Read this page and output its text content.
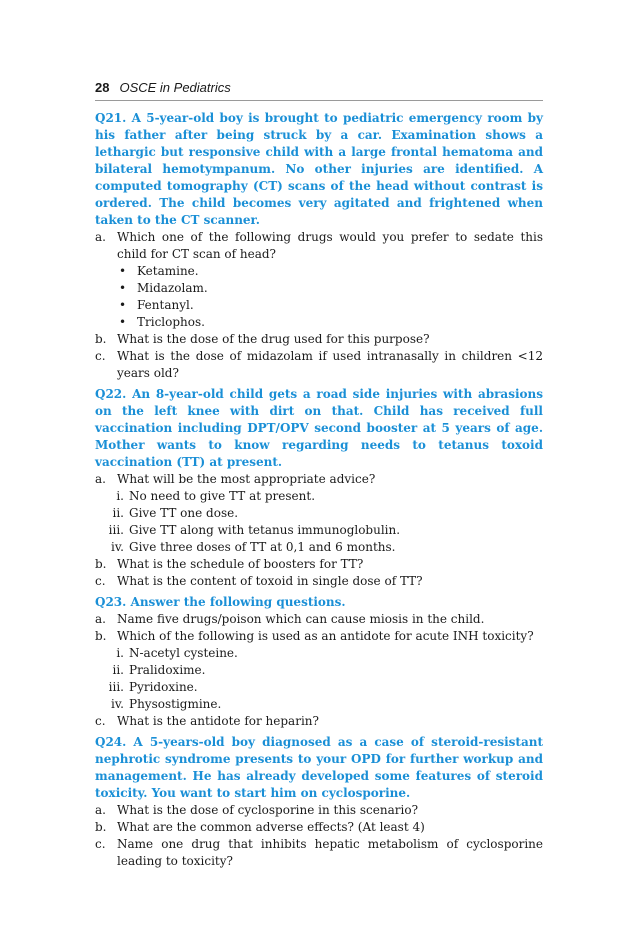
28 OSCE in Pediatrics

Q21. A 5-year-old boy is brought to pediatric emergency room by his father after being struck by a car. Examination shows a lethargic but responsive child with a large frontal hematoma and bilateral hemotympanum. No other injuries are identified. A computed tomography (CT) scans of the head without contrast is ordered. The child becomes very agitated and frightened when taken to the CT scanner.

a. Which one of the following drugs would you prefer to sedate this child for CT scan of head?
• Ketamine.
• Midazolam.
• Fentanyl.
• Triclophos.
b. What is the dose of the drug used for this purpose?
c. What is the dose of midazolam if used intranasally in children <12 years old?

Q22. An 8-year-old child gets a road side injuries with abrasions on the left knee with dirt on that. Child has received full vaccination including DPT/OPV second booster at 5 years of age. Mother wants to know regarding needs to tetanus toxoid vaccination (TT) at present.

a. What will be the most appropriate advice?
i. No need to give TT at present.
ii. Give TT one dose.
iii. Give TT along with tetanus immunoglobulin.
iv. Give three doses of TT at 0,1 and 6 months.
b. What is the schedule of boosters for TT?
c. What is the content of toxoid in single dose of TT?

Q23. Answer the following questions.

a. Name five drugs/poison which can cause miosis in the child.
b. Which of the following is used as an antidote for acute INH toxicity?
i. N-acetyl cysteine.
ii. Pralidoxime.
iii. Pyridoxine.
iv. Physostigmine.
c. What is the antidote for heparin?

Q24. A 5-years-old boy diagnosed as a case of steroid-resistant nephrotic syndrome presents to your OPD for further workup and management. He has already developed some features of steroid toxicity. You want to start him on cyclosporine.

a. What is the dose of cyclosporine in this scenario?
b. What are the common adverse effects? (At least 4)
c. Name one drug that inhibits hepatic metabolism of cyclosporine leading to toxicity?
